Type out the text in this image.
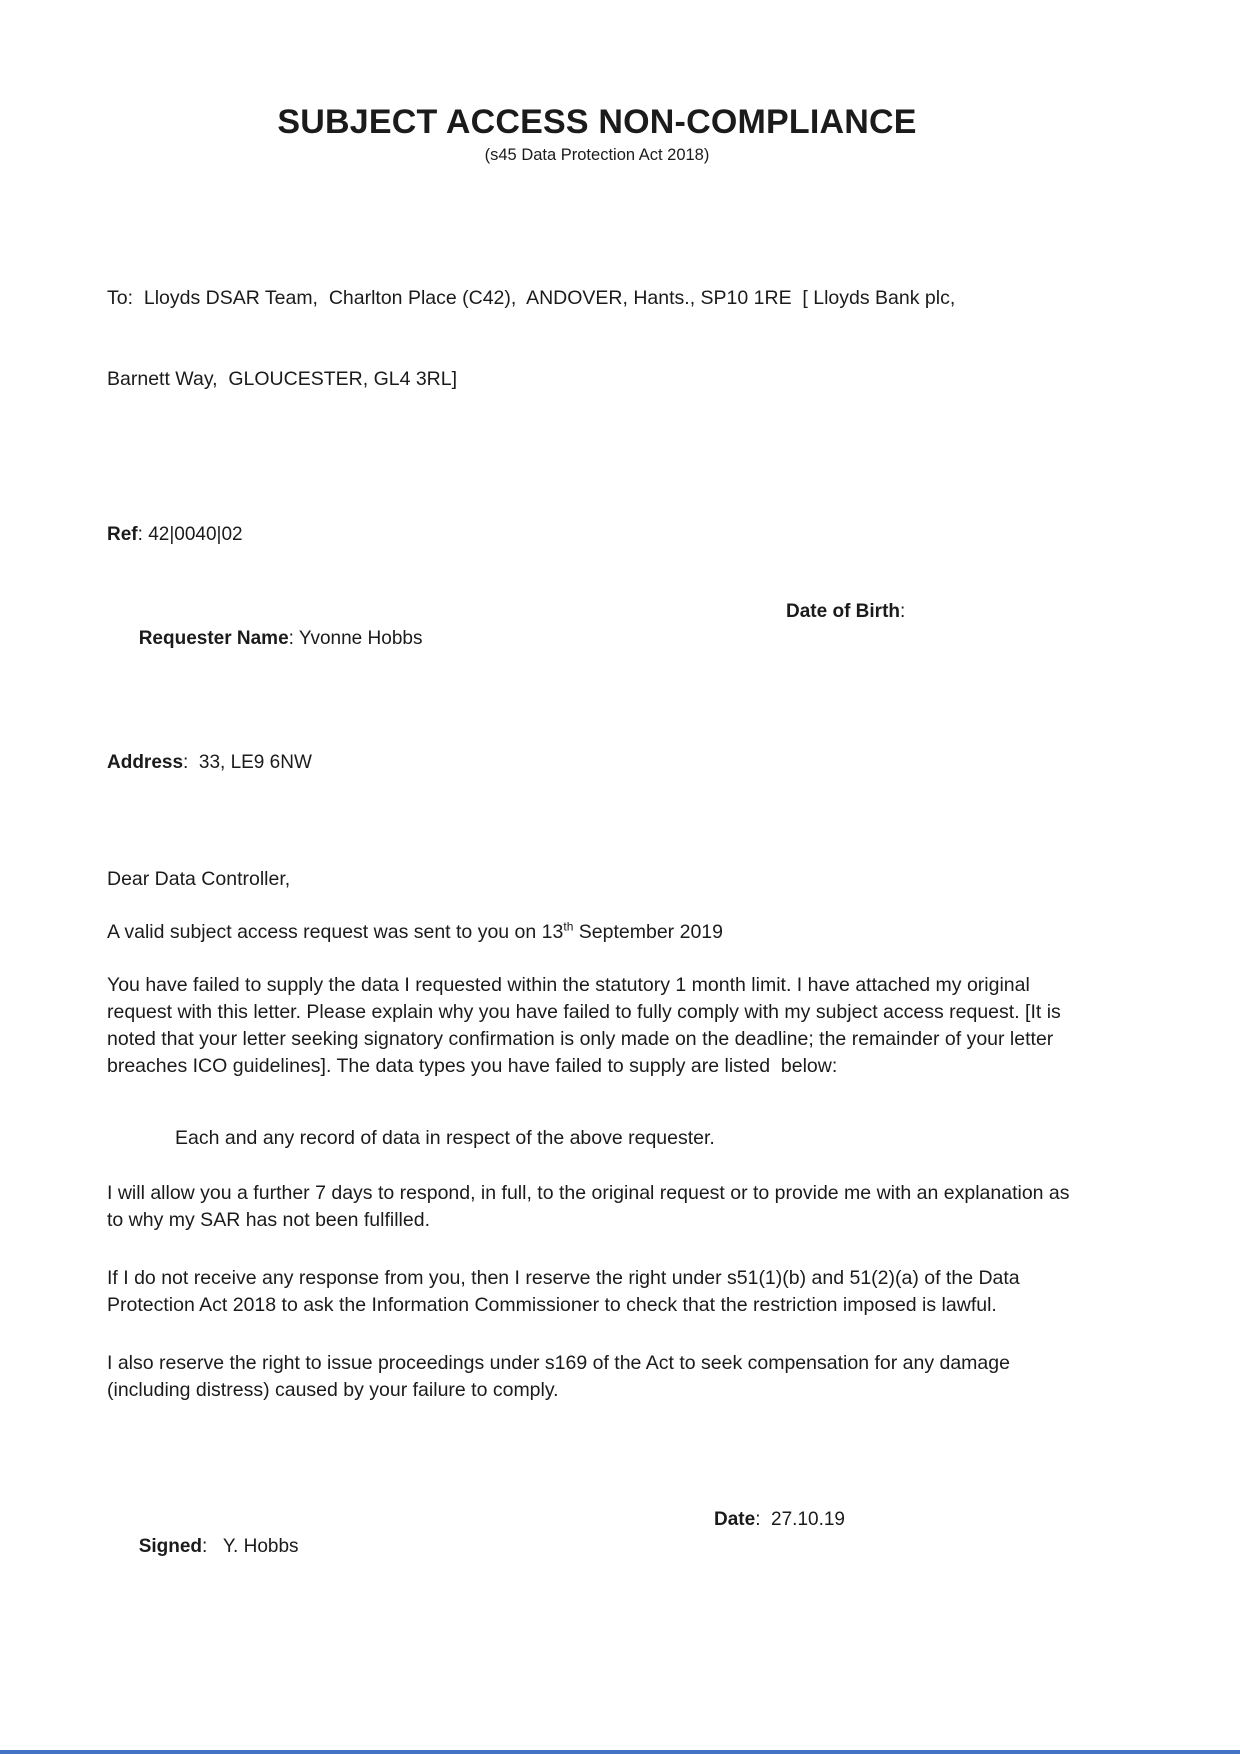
SUBJECT ACCESS NON-COMPLIANCE
(s45 Data Protection Act 2018)

To:  Lloyds DSAR Team,  Charlton Place (C42),  ANDOVER, Hants., SP10 1RE  [ Lloyds Bank plc,

Barnett Way,  GLOUCESTER, GL4 3RL]

Ref: 42|0040|02

Requester Name: Yvonne Hobbs

Date of Birth:

Address:  33, LE9 6NW
Dear Data Controller,
A valid subject access request was sent to you on 13th September 2019
You have failed to supply the data I requested within the statutory 1 month limit. I have attached my original request with this letter. Please explain why you have failed to fully comply with my subject access request. [It is noted that your letter seeking signatory confirmation is only made on the deadline; the remainder of your letter breaches ICO guidelines]. The data types you have failed to supply are listed  below:
Each and any record of data in respect of the above requester.
I will allow you a further 7 days to respond, in full, to the original request or to provide me with an explanation as to why my SAR has not been fulfilled.
If I do not receive any response from you, then I reserve the right under s51(1)(b) and 51(2)(a) of the Data Protection Act 2018 to ask the Information Commissioner to check that the restriction imposed is lawful.
I also reserve the right to issue proceedings under s169 of the Act to seek compensation for any damage (including distress) caused by your failure to comply.

Signed:   Y. Hobbs

Date:  27.10.19
